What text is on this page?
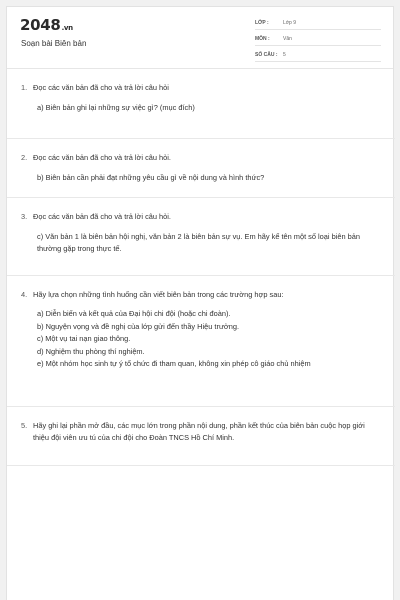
2048.vn
Soạn bài Biên bản
LỚP :	Lớp 9
MÔN :	Văn
SỐ CÂU :	5
1. Đọc các văn bản đã cho và trả lời câu hỏi
a) Biên bản ghi lại những sự việc gì? (mục đích)
2. Đọc các văn bản đã cho và trả lời câu hỏi.
b) Biên bản cần phải đạt những yêu cầu gì về nội dung và hình thức?
3. Đọc các văn bản đã cho và trả lời câu hỏi.
c) Văn bản 1 là biên bản hội nghị, văn bản 2 là biên bản sự vụ. Em hãy kể tên một số loại biên bản thường gặp trong thực tế.
4. Hãy lựa chọn những tình huống cần viết biên bản trong các trường hợp sau:
a) Diễn biến và kết quả của Đại hội chi đội (hoặc chi đoàn).
b) Nguyện vọng và đề nghị của lớp gửi đến thầy Hiệu trưởng.
c) Một vụ tai nạn giao thông.
d) Nghiệm thu phòng thí nghiệm.
e) Một nhóm học sinh tự ý tổ chức đi tham quan, không xin phép cô giáo chủ nhiệm
5. Hãy ghi lại phần mở đầu, các mục lớn trong phần nội dung, phần kết thúc của biên bản cuộc họp giới thiệu đội viên ưu tú của chi đội cho Đoàn TNCS Hồ Chí Minh.
